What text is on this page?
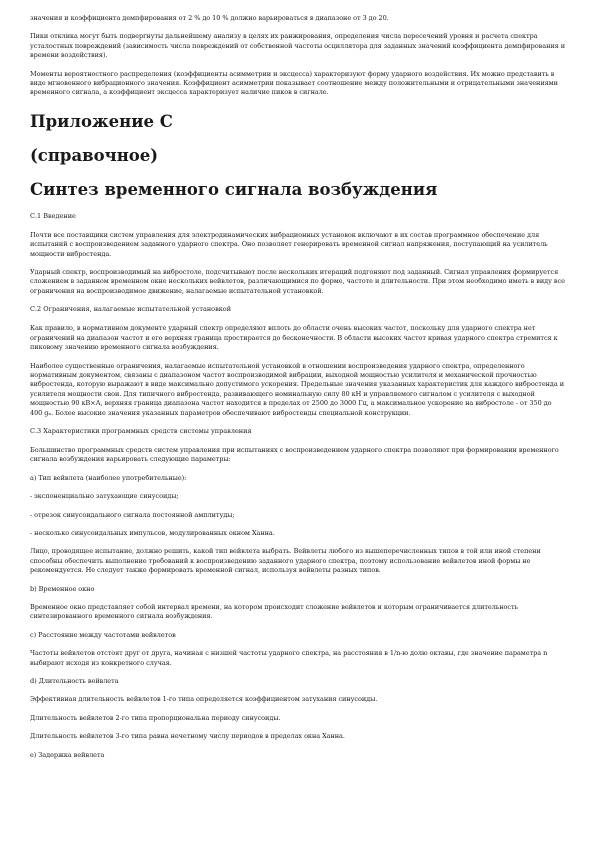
значения и коэффициента демпфирования от 2 % до 10 % должно варьироваться в диапазоне от 3 до 20.

Пики отклика могут быть подвергнуты дальнейшему анализу в целях их ранжирования, определения числа пересечений уровня и расчета спектра усталостных повреждений (зависимость числа повреждений от собственной частоты осциллятора для заданных значений коэффициента демпфирования и времени воздействия).

Моменты вероятностного распределения (коэффициенты асимметрии и эксцесса) характеризуют форму ударного воздействия. Их можно представить в виде мгновенного вибрационного значения. Коэффициент асимметрии показывает соотношение между положительными и отрицательными значениями временного сигнала, а коэффициент эксцесса характеризует наличие пиков в сигнале.

Приложение С
(справочное)
Синтез временного сигнала возбуждения
С.1 Введение

Почти все поставщики систем управления для электродинамических вибрационных установок включают в их состав программное обеспечение для испытаний с воспроизведением заданного ударного спектра. Оно позволяет генерировать временной сигнал напряжения, поступающий на усилитель мощности вибростенда.

Ударный спектр, воспроизводимый на вибростоле, подсчитывают после нескольких итераций подгоняют под заданный. Сигнал управления формируется сложением в заданном временном окне нескольких вейвлетов, различающимися по форме, частоте и длительности. При этом необходимо иметь в виду все ограничения на воспроизводимое движение, налагаемые испытательной установкой.

С.2 Ограничения, налагаемые испытательной установкой

Как правило, в нормативном документе ударный спектр определяют вплоть до области очень высоких частот, поскольку для ударного спектра нет ограничений на диапазон частот и его верхняя граница простирается до бесконечности. В области высоких частот кривая ударного спектра стремится к пиковому значению временного сигнала возбуждения.

Наиболее существенные ограничения, налагаемые испытательной установкой в отношении воспроизведения ударного спектра, определенного нормативным документом, связаны с диапазоном частот воспроизводимой вибрации, выходной мощностью усилителя и механической прочностью вибростенда, которую выражают в виде максимально допустимого ускорения. Предельные значения указанных характеристик для каждого вибростенда и усилителя мощности свои. Для типичного вибростенда, развивающего номинальную силу 80 кН и управляемого сигналом с усилителя с выходной мощностью 90 кВ×А, верхняя граница диапазона частот находится в пределах от 2500 до 3000 Гц, а максимальное ускорение на вибростоле - от 350 до 400 gₙ. Более высокие значения указанных параметров обеспечивают вибростенды специальной конструкции.

С.3 Характеристики программных средств системы управления

Большинство программных средств систем управления при испытаниях с воспроизведением ударного спектра позволяют при формировании временного сигнала возбуждения варьировать следующие параметры:

а) Тип вейвлета (наиболее употребительные):

- экспоненциально затухающие синусоиды;

- отрезок синусоидального сигнала постоянной амплитуды;

- несколько синусоидальных импульсов, модулированных окном Ханна.

Лицо, проводящее испытание, должно решить, какой тип вейвлета выбрать. Вейвлеты любого из вышеперечисленных типов в той или иной степени способны обеспечить выполнение требований к воспроизведению заданного ударного спектра, поэтому использование вейвлетов иной формы не рекомендуется. Не следует также формировать временной сигнал, используя вейвлеты разных типов.

b) Временное окно

Временное окно представляет собой интервал времени, на котором происходит сложение вейвлетов и которым ограничивается длительность синтезированного временного сигнала возбуждения.

с) Расстояние между частотами вейвлетов

Частоты вейвлетов отстоят друг от друга, начиная с низшей частоты ударного спектра, на расстояния в 1/n-ю долю октавы, где значение параметра n выбирают исходя из конкретного случая.

d) Длительность вейвлета

Эффективная длительность вейвлетов 1-го типа определяется коэффициентом затухания синусоиды.

Длительность вейвлетов 2-го типа пропорциональна периоду синусоиды.

Длительность вейвлетов 3-го типа равна нечетному числу периодов в пределах окна Ханна.

е) Задержка вейвлета
